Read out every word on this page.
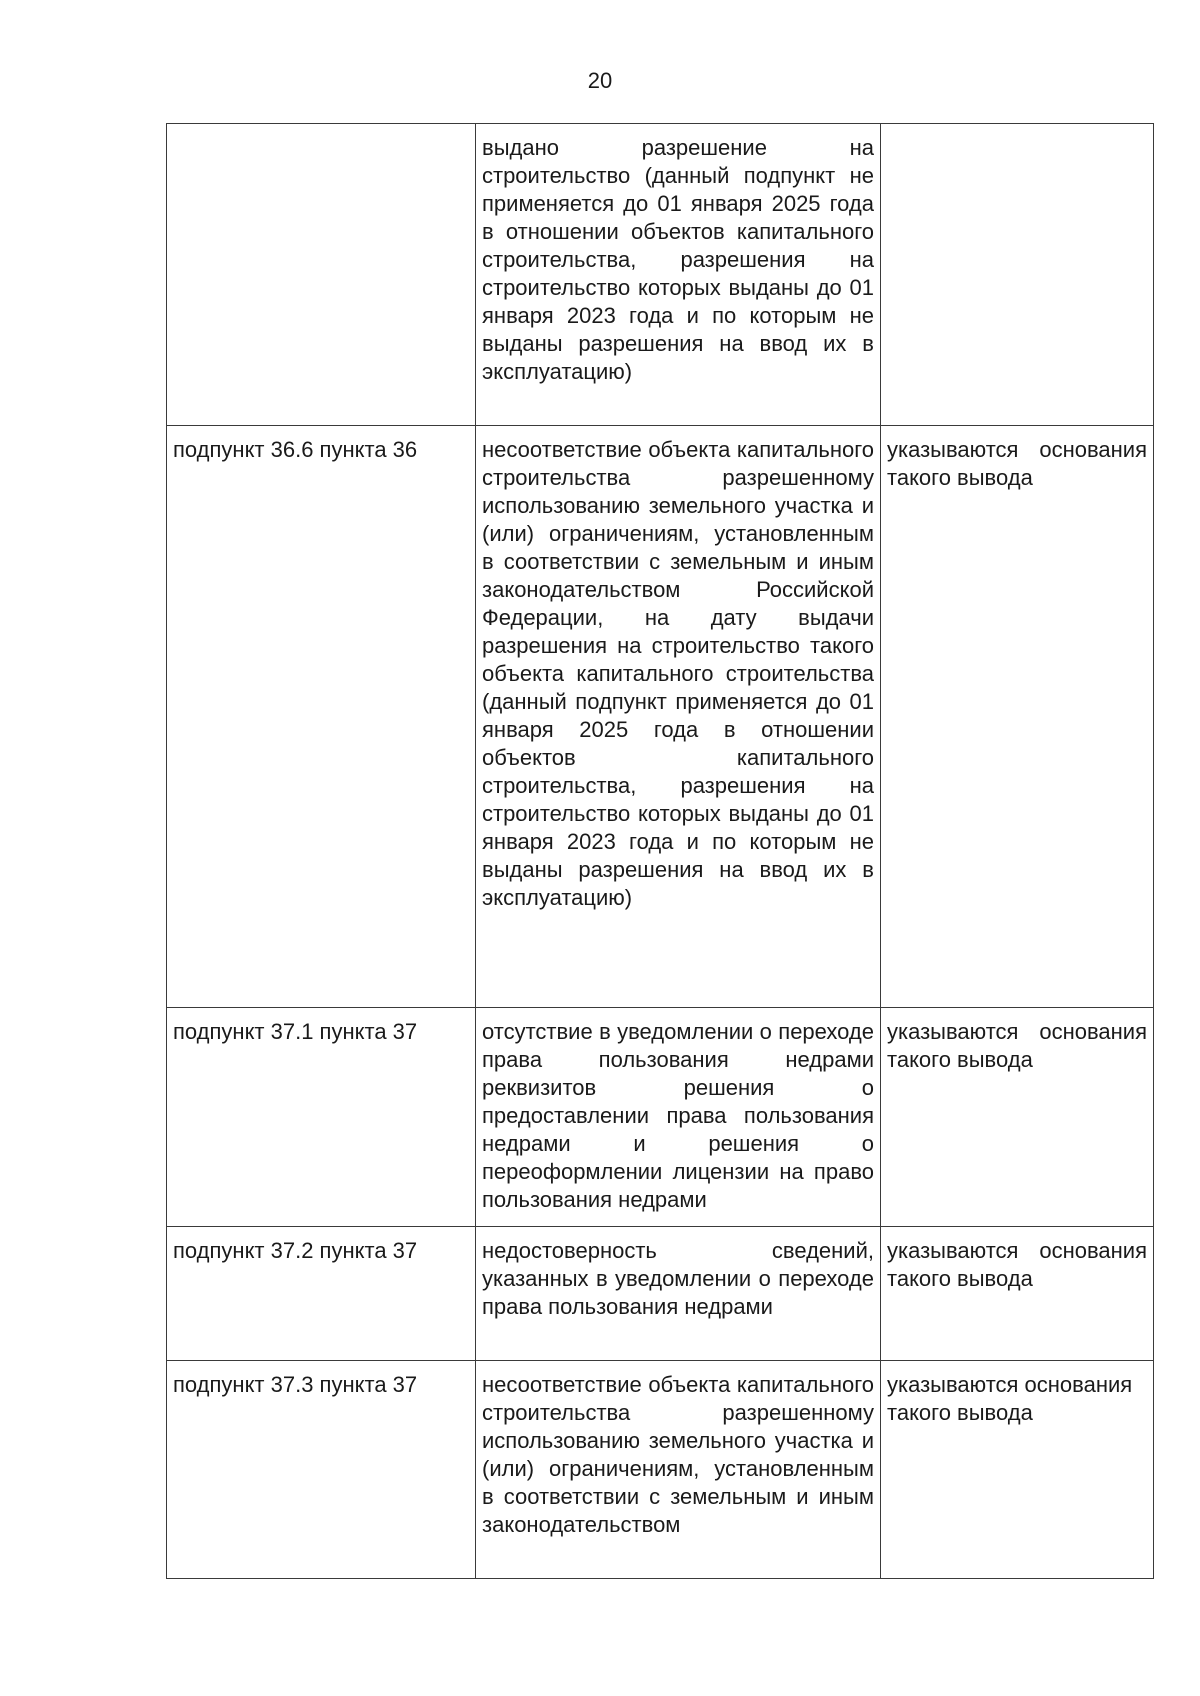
20
	выдано разрешение на строительство (данный подпункт не применяется до 01 января 2025 года в отношении объектов капитального строительства, разрешения на строительство которых выданы до 01 января 2023 года и по которым не выданы разрешения на ввод их в эксплуатацию)	
подпункт 36.6 пункта 36	несоответствие объекта капитального строительства разрешенному использованию земельного участка и (или) ограничениям, установленным в соответствии с земельным и иным законодательством Российской Федерации, на дату выдачи разрешения на строительство такого объекта капитального строительства (данный подпункт применяется до 01 января 2025 года в отношении объектов капитального строительства, разрешения на строительство которых выданы до 01 января 2023 года и по которым не выданы разрешения на ввод их в эксплуатацию)	указываются основания такого вывода
подпункт 37.1 пункта 37	отсутствие в уведомлении о переходе права пользования недрами реквизитов решения о предоставлении права пользования недрами и решения о переоформлении лицензии на право пользования недрами	указываются основания такого вывода
подпункт 37.2 пункта 37	недостоверность сведений, указанных в уведомлении о переходе права пользования недрами	указываются основания такого вывода
подпункт 37.3 пункта 37	несоответствие объекта капитального строительства разрешенному использованию земельного участка и (или) ограничениям, установленным в соответствии с земельным и иным законодательством	указываются основания такого вывода
